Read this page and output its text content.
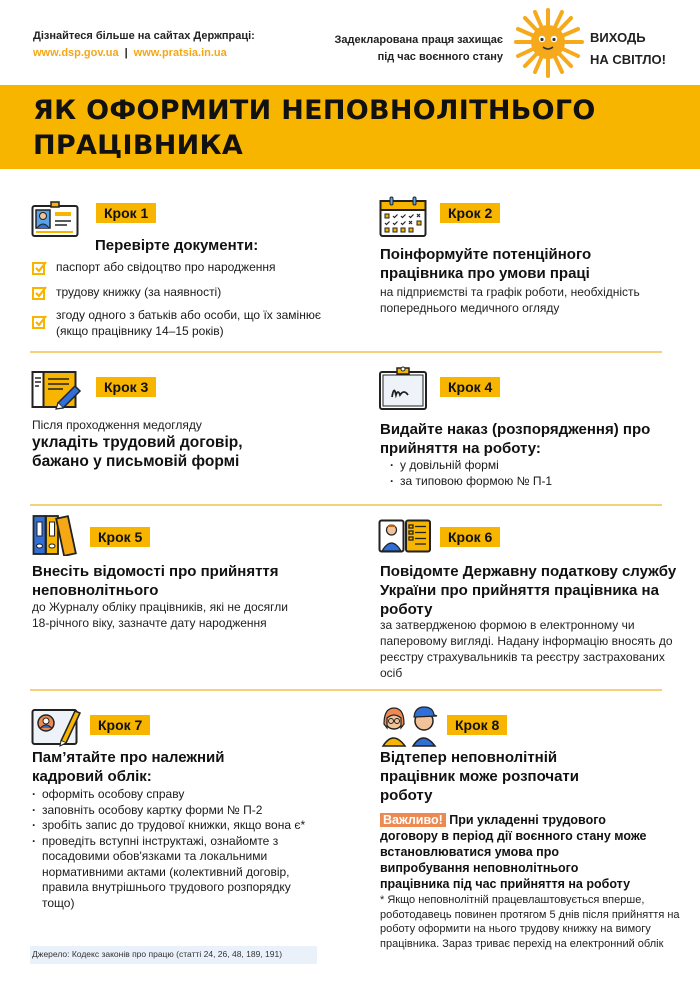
Дізнайтеся більше на сайтах Держпраці:
www.dsp.gov.ua | www.pratsia.in.ua
Задекларована праця захищає
під час воєнного стану
ВИХОДЬ
НА СВІТЛО!
ЯК ОФОРМИТИ НЕПОВНОЛІТНЬОГО ПРАЦІВНИКА
Крок 1
Перевірте документи:
паспорт або свідоцтво про народження
трудову книжку (за наявності)
згоду одного з батьків або особи, що їх замінює (якщо працівнику 14–15 років)
Крок 2
Поінформуйте потенційного працівника про умови праці
на підприємстві та графік роботи, необхідність попереднього медичного огляду
Крок 3
Після проходження медогляду
укладіть трудовий договір, бажано у письмовій формі
Крок 4
Видайте наказ (розпорядження) про прийняття на роботу:
· у довільній формі
· за типовою формою № П-1
Крок 5
Внесіть відомості про прийняття неповнолітнього
до Журналу обліку працівників, які не досягли 18-річного віку, зазначте дату народження
Крок 6
Повідомте Державну податкову службу України про прийняття працівника на роботу
за затвердженою формою в електронному чи паперовому вигляді. Надану інформацію вносять до реєстру страхувальників та реєстру застрахованих осіб
Крок 7
Пам’ятайте про належний кадровий облік:
· оформіть особову справу
· заповніть особову картку форми № П-2
· зробіть запис до трудової книжки, якщо вона є*
· проведіть вступні інструктажі, ознайомте з посадовими обов'язками та локальними нормативними актами (колективний договір, правила внутрішнього трудового розпорядку тощо)
Крок 8
Відтепер неповнолітній працівник може розпочати роботу
Важливо! При укладенні трудового договору в період дії воєнного стану може встановлюватися умова про випробування неповнолітнього працівника під час прийняття на роботу
* Якщо неповнолітній працевлаштовується вперше, роботодавець повинен протягом 5 днів після прийняття на роботу оформити на нього трудову книжку на вимогу працівника. Зараз триває перехід на електронний облік
Джерело: Кодекс законів про працю (статті 24, 26, 48, 189, 191)
